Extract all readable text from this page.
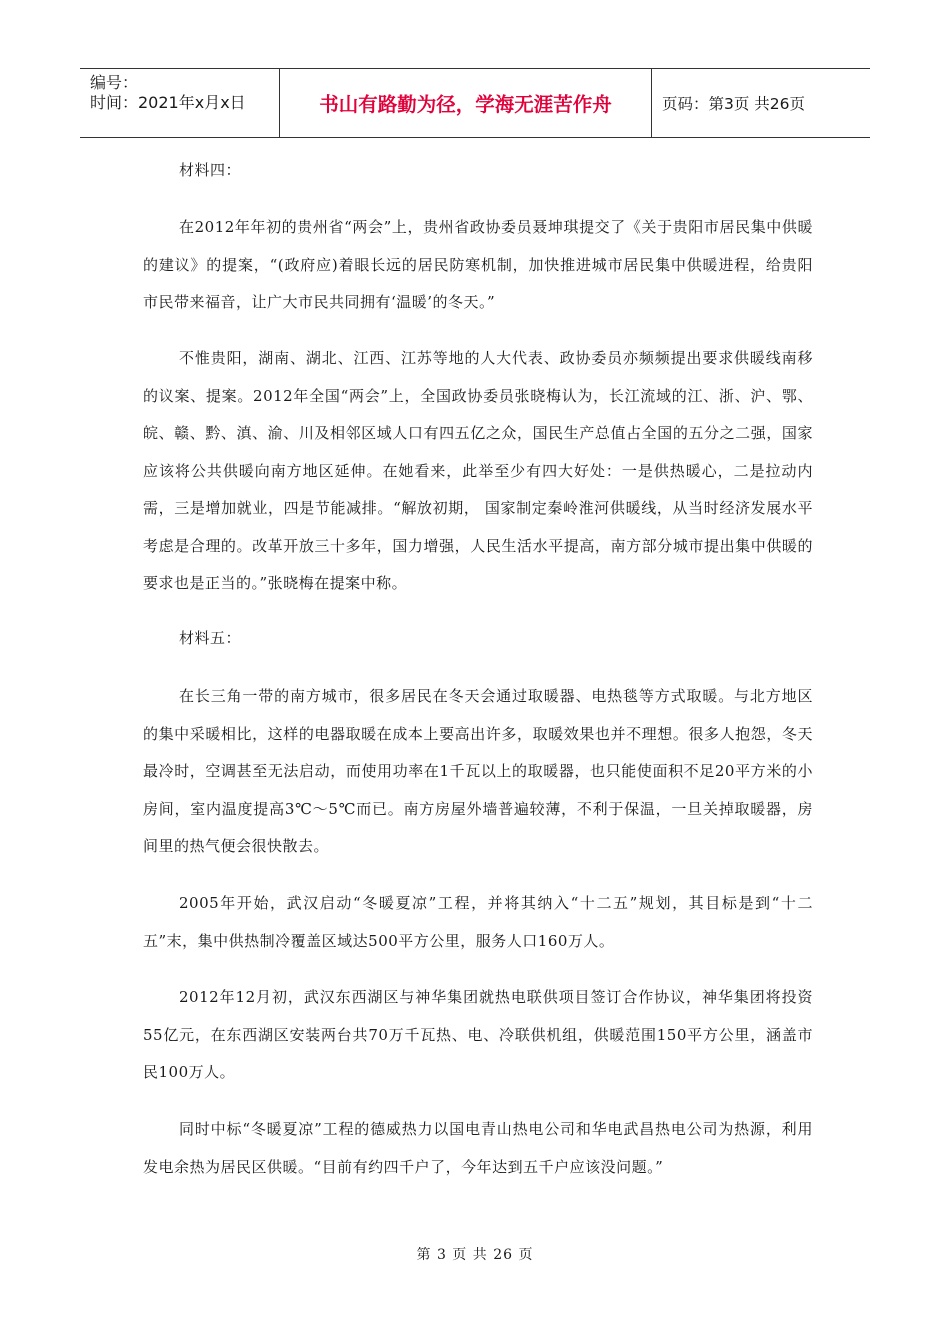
编号：
时间：2021年x月x日	书山有路勤为径，学海无涯苦作舟	页码：第3页 共26页

材料四：

在2012年年初的贵州省“两会”上，贵州省政协委员聂坤琪提交了《关于贵阳市居民集中供暖的建议》的提案，“(政府应)着眼长远的居民防寒机制，加快推进城市居民集中供暖进程，给贵阳市民带来福音，让广大市民共同拥有‘温暖’的冬天。”

不惟贵阳，湖南、湖北、江西、江苏等地的人大代表、政协委员亦频频提出要求供暖线南移的议案、提案。2012年全国“两会”上，全国政协委员张晓梅认为，长江流域的江、浙、沪、鄂、皖、赣、黔、滇、渝、川及相邻区域人口有四五亿之众，国民生产总值占全国的五分之二强，国家应该将公共供暖向南方地区延伸。在她看来，此举至少有四大好处：一是供热暖心，二是拉动内需，三是增加就业，四是节能减排。“解放初期， 国家制定秦岭淮河供暖线，从当时经济发展水平考虑是合理的。改革开放三十多年，国力增强，人民生活水平提高，南方部分城市提出集中供暖的要求也是正当的。”张晓梅在提案中称。

材料五：

在长三角一带的南方城市，很多居民在冬天会通过取暖器、电热毯等方式取暖。与北方地区的集中采暖相比，这样的电器取暖在成本上要高出许多，取暖效果也并不理想。很多人抱怨，冬天最冷时，空调甚至无法启动，而使用功率在1千瓦以上的取暖器，也只能使面积不足20平方米的小房间，室内温度提高3℃～5℃而已。南方房屋外墙普遍较薄，不利于保温，一旦关掉取暖器，房间里的热气便会很快散去。

2005年开始，武汉启动“冬暖夏凉”工程，并将其纳入“十二五”规划，其目标是到“十二五”末，集中供热制冷覆盖区域达500平方公里，服务人口160万人。

2012年12月初，武汉东西湖区与神华集团就热电联供项目签订合作协议，神华集团将投资55亿元，在东西湖区安装两台共70万千瓦热、电、冷联供机组，供暖范围150平方公里，涵盖市民100万人。

同时中标“冬暖夏凉”工程的德威热力以国电青山热电公司和华电武昌热电公司为热源，利用发电余热为居民区供暖。“目前有约四千户了，今年达到五千户应该没问题。”

第 3 页 共 26 页
